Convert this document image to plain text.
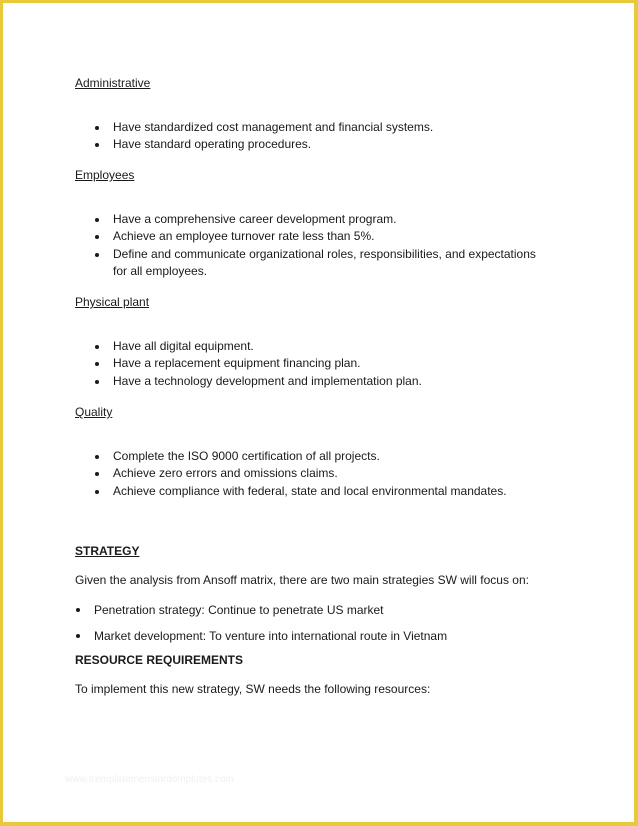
Administrative
Have standardized cost management and financial systems.
Have standard operating procedures.
Employees
Have a comprehensive career development program.
Achieve an employee turnover rate less than 5%.
Define and communicate organizational roles, responsibilities, and expectations
for all employees.
Physical plant
Have all digital equipment.
Have a replacement equipment financing plan.
Have a technology development and implementation plan.
Quality
Complete the ISO 9000 certification of all projects.
Achieve zero errors and omissions claims.
Achieve compliance with federal, state and local environmental mandates.
STRATEGY
Given the analysis from Ansoff matrix, there are two main strategies SW will focus on:
Penetration strategy: Continue to penetrate US market
Market development: To venture into international route in Vietnam
RESOURCE REQUIREMENTS
To implement this new strategy, SW needs the following resources:
www.tremplatemensinrdomplotes.com
